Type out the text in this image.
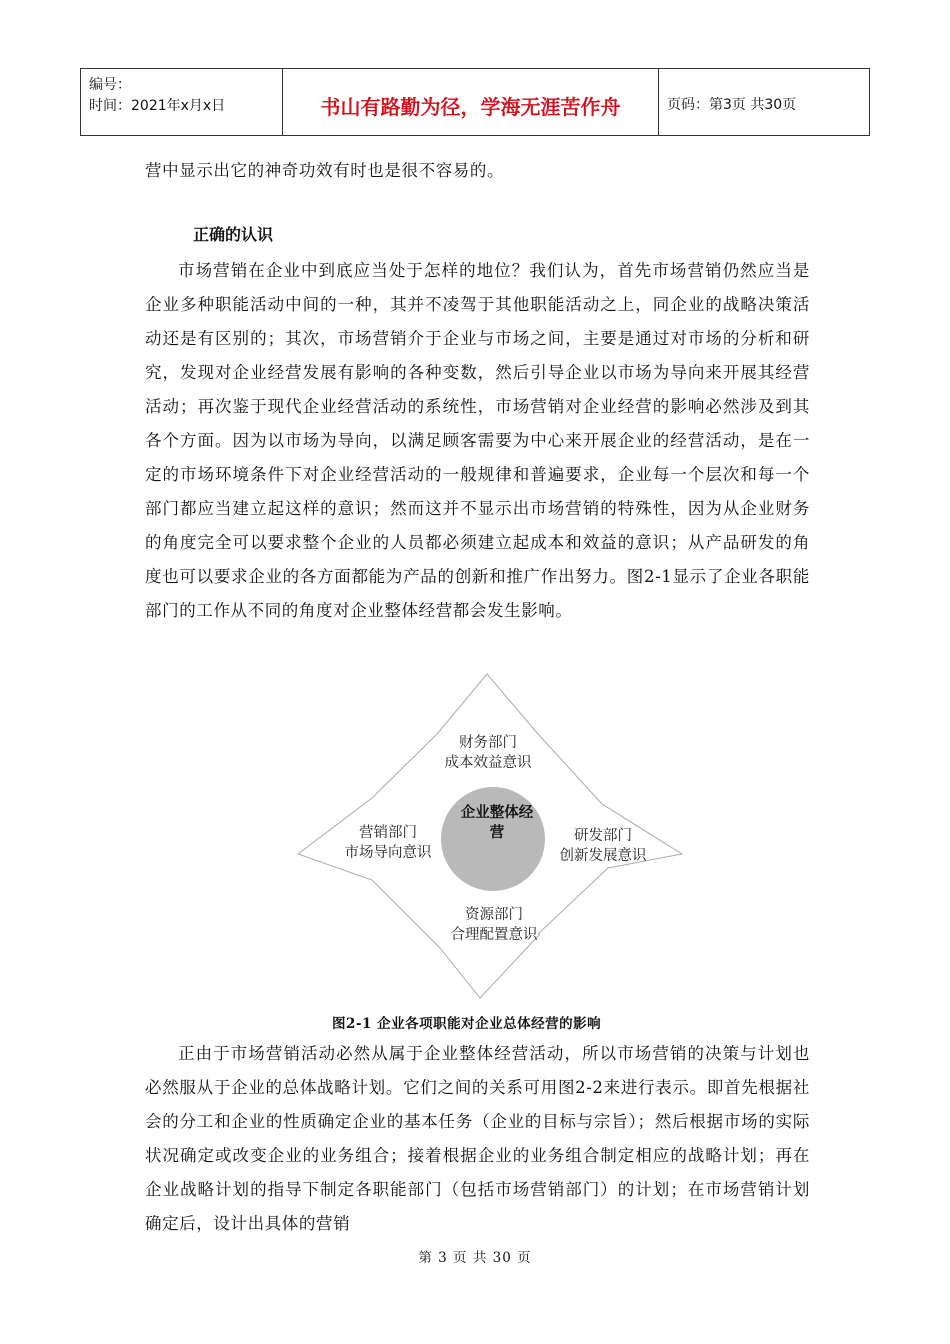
编号：
时间：2021年x月x日	书山有路勤为径，学海无涯苦作舟	页码：第3页 共30页

营中显示出它的神奇功效有时也是很不容易的。

正确的认识

市场营销在企业中到底应当处于怎样的地位？我们认为，首先市场营销仍然应当是企业多种职能活动中间的一种，其并不凌驾于其他职能活动之上，同企业的战略决策活动还是有区别的；其次，市场营销介于企业与市场之间，主要是通过对市场的分析和研究，发现对企业经营发展有影响的各种变数，然后引导企业以市场为导向来开展其经营活动；再次鉴于现代企业经营活动的系统性，市场营销对企业经营的影响必然涉及到其各个方面。因为以市场为导向，以满足顾客需要为中心来开展企业的经营活动，是在一定的市场环境条件下对企业经营活动的一般规律和普遍要求，企业每一个层次和每一个部门都应当建立起这样的意识；然而这并不显示出市场营销的特殊性，因为从企业财务的角度完全可以要求整个企业的人员都必须建立起成本和效益的意识；从产品研发的角度也可以要求企业的各方面都能为产品的创新和推广作出努力。图2-1显示了企业各职能部门的工作从不同的角度对企业整体经营都会发生影响。

企业整体经
营
财务部门
成本效益意识
营销部门
市场导向意识
研发部门
创新发展意识
资源部门
合理配置意识
图2-1 企业各项职能对企业总体经营的影响

正由于市场营销活动必然从属于企业整体经营活动，所以市场营销的决策与计划也必然服从于企业的总体战略计划。它们之间的关系可用图2-2来进行表示。即首先根据社会的分工和企业的性质确定企业的基本任务（企业的目标与宗旨）；然后根据市场的实际状况确定或改变企业的业务组合；接着根据企业的业务组合制定相应的战略计划；再在企业战略计划的指导下制定各职能部门（包括市场营销部门）的计划；在市场营销计划确定后，设计出具体的营销

第 3 页 共 30 页
